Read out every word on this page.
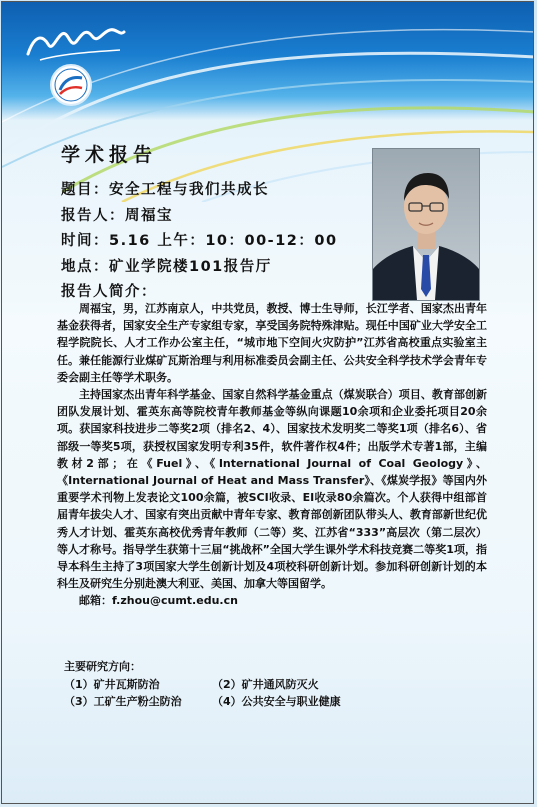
学术报告
题目：安全工程与我们共成长
报告人：周福宝
时间：5.16 上午：10：00-12：00
地点：矿业学院楼101报告厅
报告人简介：

周福宝，男，江苏南京人，中共党员，教授、博士生导师，长江学者、国家杰出青年基金获得者，国家安全生产专家组专家，享受国务院特殊津贴。现任中国矿业大学安全工程学院院长、人才工作办公室主任，“城市地下空间火灾防护”江苏省高校重点实验室主任。兼任能源行业煤矿瓦斯治理与利用标准委员会副主任、公共安全科学技术学会青年专委会副主任等学术职务。

主持国家杰出青年科学基金、国家自然科学基金重点（煤炭联合）项目、教育部创新团队发展计划、霍英东高等院校青年教师基金等纵向课题10余项和企业委托项目20余项。获国家科技进步二等奖2项（排名2、4）、国家技术发明奖二等奖1项（排名6）、省部级一等奖5项，获授权国家发明专利35件，软件著作权4件；出版学术专著1部，主编教材2部；在《Fuel》、《International Journal of Coal Geology》、《International Journal of Heat and Mass Transfer》、《煤炭学报》等国内外重要学术刊物上发表论文100余篇，被SCI收录、EI收录80余篇次。个人获得中组部首届青年拔尖人才、国家有突出贡献中青年专家、教育部创新团队带头人、教育部新世纪优秀人才计划、霍英东高校优秀青年教师（二等）奖、江苏省“333”高层次（第二层次）等人才称号。指导学生获第十三届“挑战杯”全国大学生课外学术科技竞赛二等奖1项，指导本科生主持了3项国家大学生创新计划及4项校科研创新计划。参加科研创新计划的本科生及研究生分别赴澳大利亚、美国、加拿大等国留学。

邮箱：f.zhou@cumt.edu.cn
主要研究方向：
（1）矿井瓦斯防治	（2）矿井通风防灭火
（3）工矿生产粉尘防治	（4）公共安全与职业健康
